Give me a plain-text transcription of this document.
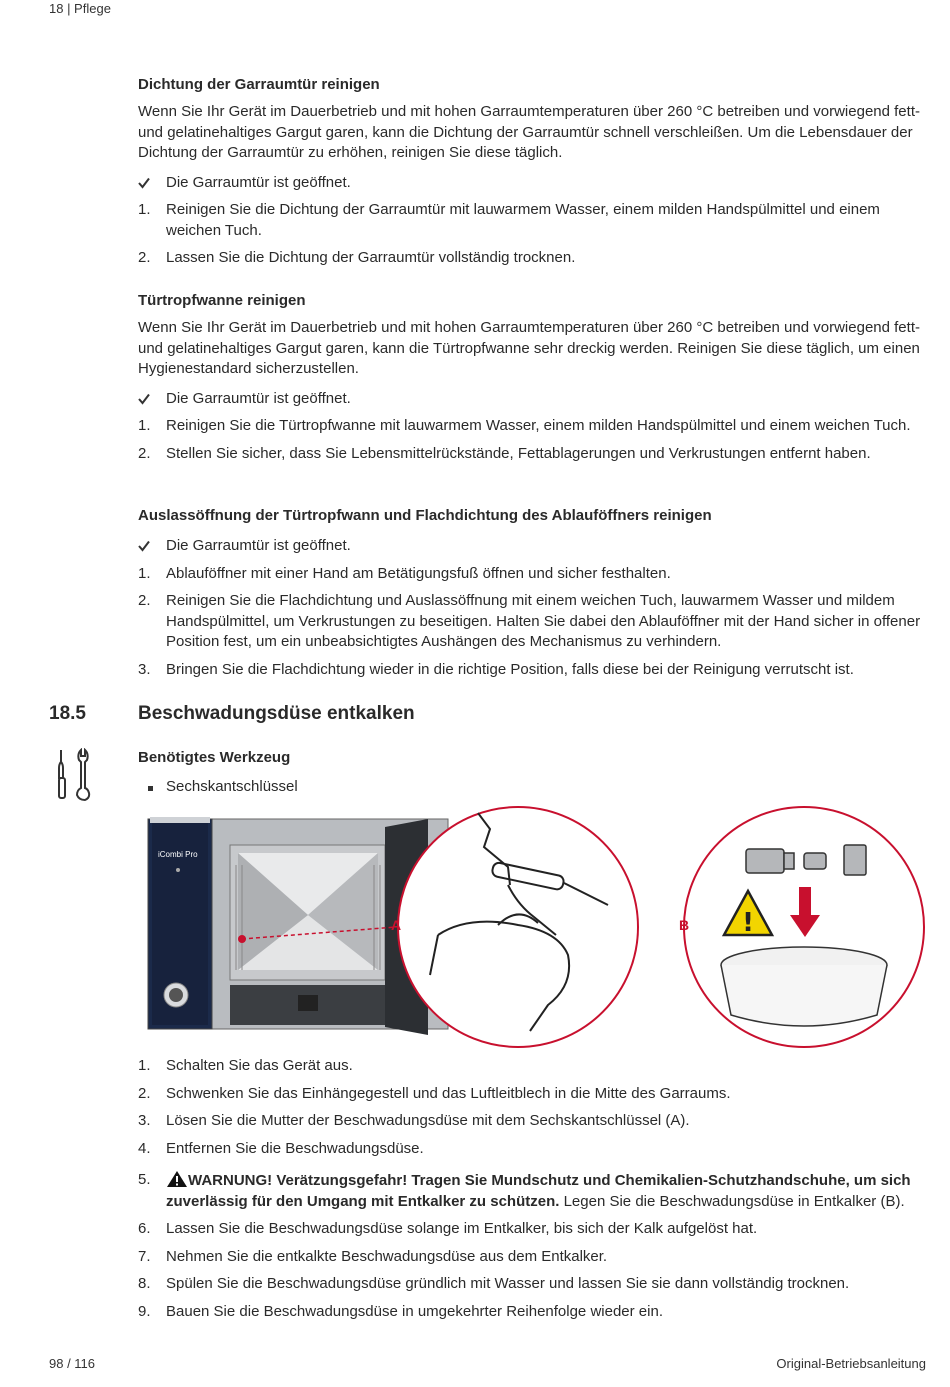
18 | Pflege
Dichtung der Garraumtür reinigen

Wenn Sie Ihr Gerät im Dauerbetrieb und mit hohen Garraumtemperaturen über 260 °C betreiben und vorwiegend fett- und gelatinehaltiges Gargut garen, kann die Dichtung der Garraumtür schnell verschleißen. Um die Lebensdauer der Dichtung der Garraumtür zu erhöhen, reinigen Sie diese täglich.

Die Garraumtür ist geöffnet.
1. Reinigen Sie die Dichtung der Garraumtür mit lauwarmem Wasser, einem milden Handspülmittel und einem weichen Tuch.
2. Lassen Sie die Dichtung der Garraumtür vollständig trocknen.
Türtropfwanne reinigen

Wenn Sie Ihr Gerät im Dauerbetrieb und mit hohen Garraumtemperaturen über 260 °C betreiben und vorwiegend fett- und gelatinehaltiges Gargut garen, kann die Türtropfwanne sehr dreckig werden. Reinigen Sie diese täglich, um einen Hygienestandard sicherzustellen.

Die Garraumtür ist geöffnet.
1. Reinigen Sie die Türtropfwanne mit lauwarmem Wasser, einem milden Handspülmittel und einem weichen Tuch.
2. Stellen Sie sicher, dass Sie Lebensmittelrückstände, Fettablagerungen und Verkrustungen entfernt haben.
Auslassöffnung der Türtropfwann und Flachdichtung des Ablauföffners reinigen
Die Garraumtür ist geöffnet.
1. Ablauföffner mit einer Hand am Betätigungsfuß öffnen und sicher festhalten.
2. Reinigen Sie die Flachdichtung und Auslassöffnung mit einem weichen Tuch, lauwarmem Wasser und mildem Handspülmittel, um Verkrustungen zu beseitigen. Halten Sie dabei den Ablauföffner mit der Hand sicher in offener Position fest, um ein unbeabsichtigtes Aushängen des Mechanismus zu verhindern.
3. Bringen Sie die Flachdichtung wieder in die richtige Position, falls diese bei der Reinigung verrutscht ist.
18.5	Beschwadungsdüse entkalken
Benötigtes Werkzeug
Sechskantschlüssel
!
iCombi Pro
A	B
1. Schalten Sie das Gerät aus.
2. Schwenken Sie das Einhängegestell und das Luftleitblech in die Mitte des Garraums.
3. Lösen Sie die Mutter der Beschwadungsdüse mit dem Sechskantschlüssel (A).
4. Entfernen Sie die Beschwadungsdüse.
5. WARNUNG! Verätzungsgefahr! Tragen Sie Mundschutz und Chemikalien-Schutzhandschuhe, um sich zuverlässig für den Umgang mit Entkalker zu schützen. Legen Sie die Beschwadungsdüse in Entkalker (B).
6. Lassen Sie die Beschwadungsdüse solange im Entkalker, bis sich der Kalk aufgelöst hat.
7. Nehmen Sie die entkalkte Beschwadungsdüse aus dem Entkalker.
8. Spülen Sie die Beschwadungsdüse gründlich mit Wasser und lassen Sie sie dann vollständig trocknen.
9. Bauen Sie die Beschwadungsdüse in umgekehrter Reihenfolge wieder ein.
98 / 116	Original-Betriebsanleitung
